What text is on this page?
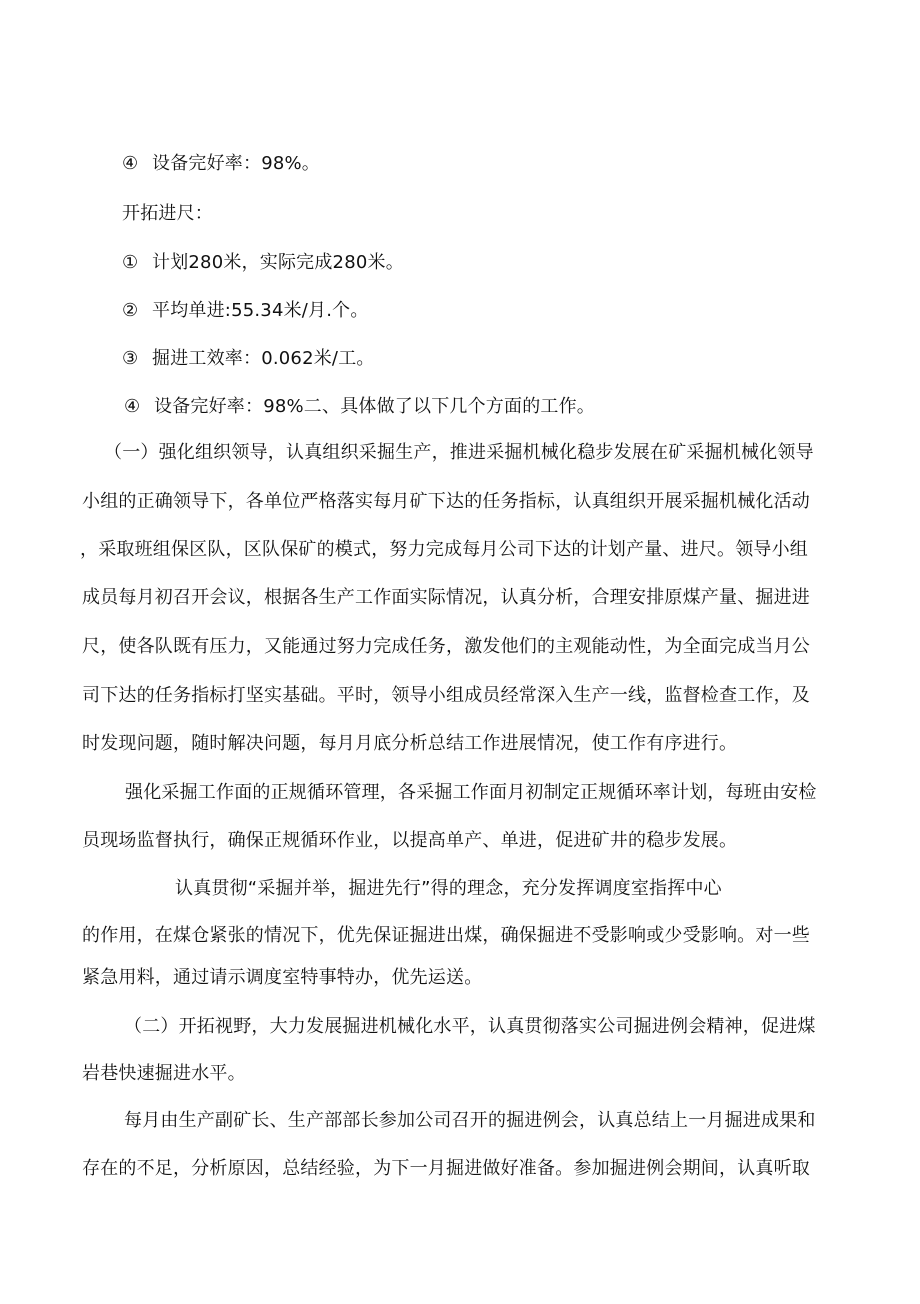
④ 设备完好率：98%。
开拓进尺：
① 计划280米，实际完成280米。
② 平均单进:55.34米/月.个。
③ 掘进工效率：0.062米/工。
④ 设备完好率：98%二、具体做了以下几个方面的工作。
（一）强化组织领导，认真组织采掘生产，推进采掘机械化稳步发展在矿采掘机械化领导
小组的正确领导下，各单位严格落实每月矿下达的任务指标，认真组织开展采掘机械化活动
，采取班组保区队，区队保矿的模式，努力完成每月公司下达的计划产量、进尺。领导小组
成员每月初召开会议，根据各生产工作面实际情况，认真分析，合理安排原煤产量、掘进进
尺，使各队既有压力，又能通过努力完成任务，激发他们的主观能动性，为全面完成当月公
司下达的任务指标打坚实基础。平时，领导小组成员经常深入生产一线，监督检查工作，及
时发现问题，随时解决问题，每月月底分析总结工作进展情况，使工作有序进行。
强化采掘工作面的正规循环管理，各采掘工作面月初制定正规循环率计划，每班由安检
员现场监督执行，确保正规循环作业，以提高单产、单进，促进矿井的稳步发展。
认真贯彻“采掘并举，掘进先行”得的理念，充分发挥调度室指挥中心
的作用，在煤仓紧张的情况下，优先保证掘进出煤，确保掘进不受影响或少受影响。对一些
紧急用料，通过请示调度室特事特办，优先运送。
（二）开拓视野，大力发展掘进机械化水平，认真贯彻落实公司掘进例会精神，促进煤
岩巷快速掘进水平。
每月由生产副矿长、生产部部长参加公司召开的掘进例会，认真总结上一月掘进成果和
存在的不足，分析原因，总结经验，为下一月掘进做好准备。参加掘进例会期间，认真听取
